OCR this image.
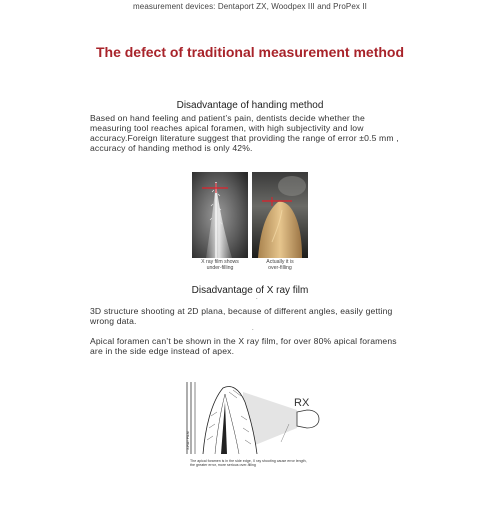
measurement devices: Dentaport ZX, Woodpex III and ProPex II
The defect of traditional measurement method
Disadvantage of handing method
Based on hand feeling and patient’s pain, dentists decide whether the
measuring tool reaches apical foramen, with high subjectivity and low
accuracy.Foreign literature suggest that providing the range of error ±0.5 mm ,
accuracy of handing method is only 42%.
X ray film shows
under-filling
Actually it is
over-filling
Disadvantage of X ray film
.
3D structure shooting at 2D plana, because of different angles, easily getting
wrong data.
.
Apical foramen can’t be shown in the X ray film, for over 80% apical foramens
are in the side edge instead of apex.
X-RAY FILM
RX
The apical foramen is in the side edge, X ray shooting cause error length,
the greater error, more serious over-filling
